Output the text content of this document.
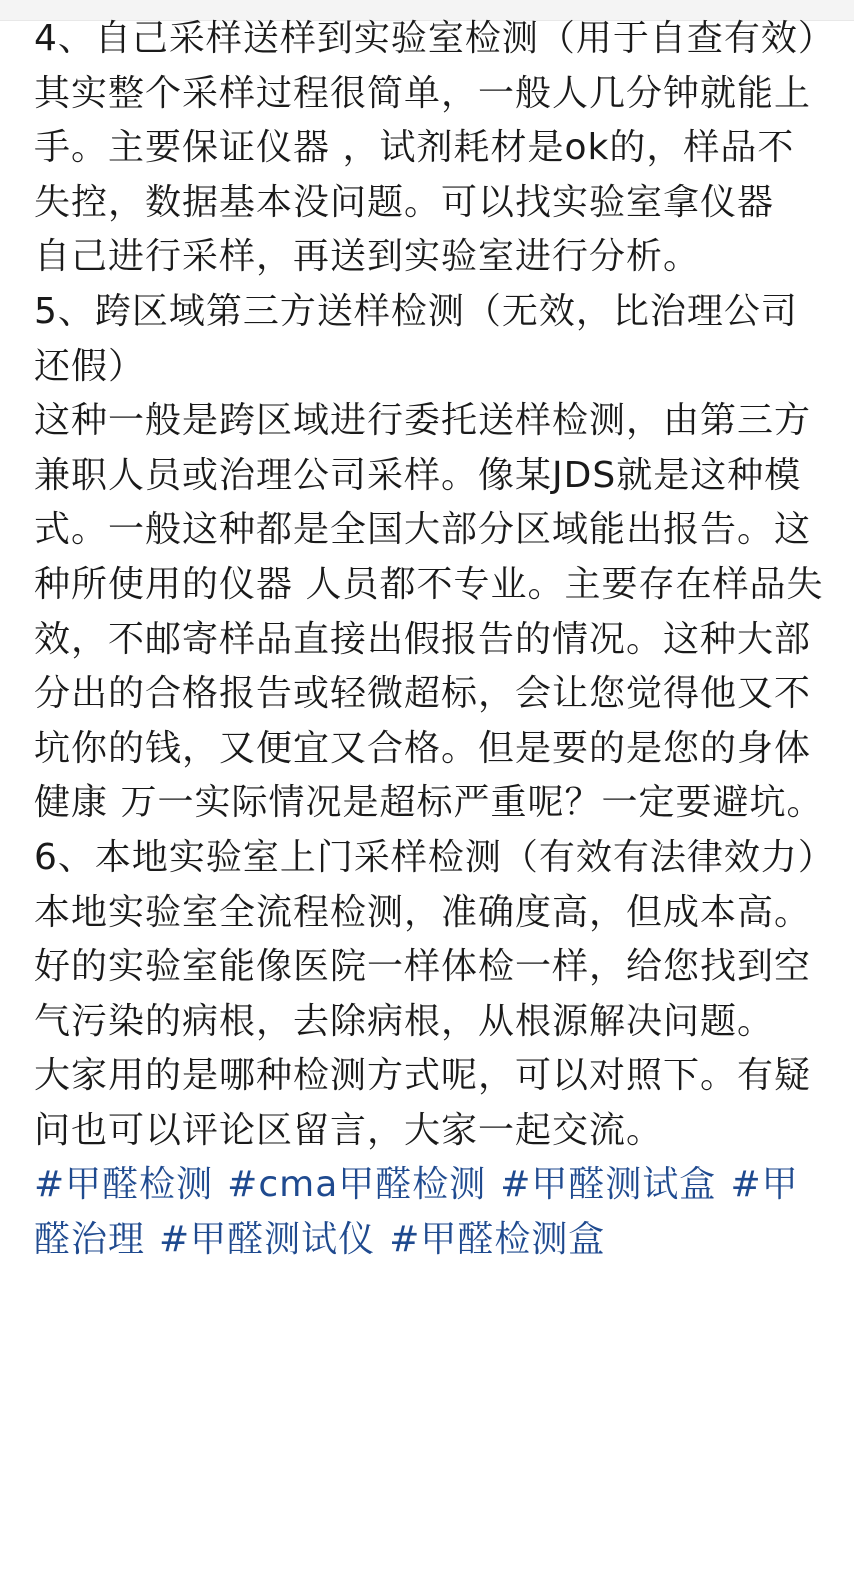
4、自己采样送样到实验室检测（用于自查有效）

其实整个采样过程很简单，一般人几分钟就能上手。主要保证仪器 ，试剂耗材是ok的，样品不失控，数据基本没问题。可以找实验室拿仪器

自己进行采样，再送到实验室进行分析。

5、跨区域第三方送样检测（无效，比治理公司还假）

这种一般是跨区域进行委托送样检测，由第三方兼职人员或治理公司采样。像某JDS就是这种模式。一般这种都是全国大部分区域能出报告。这种所使用的仪器 人员都不专业。主要存在样品失效，不邮寄样品直接出假报告的情况。这种大部分出的合格报告或轻微超标，会让您觉得他又不坑你的钱，又便宜又合格。但是要的是您的身体健康 万一实际情况是超标严重呢？一定要避坑。

6、本地实验室上门采样检测（有效有法律效力）

本地实验室全流程检测，准确度高，但成本高。

好的实验室能像医院一样体检一样，给您找到空气污染的病根，去除病根，从根源解决问题。

大家用的是哪种检测方式呢，可以对照下。有疑问也可以评论区留言，大家一起交流。

#甲醛检测 #cma甲醛检测 #甲醛测试盒 #甲醛治理 #甲醛测试仪 #甲醛检测盒
